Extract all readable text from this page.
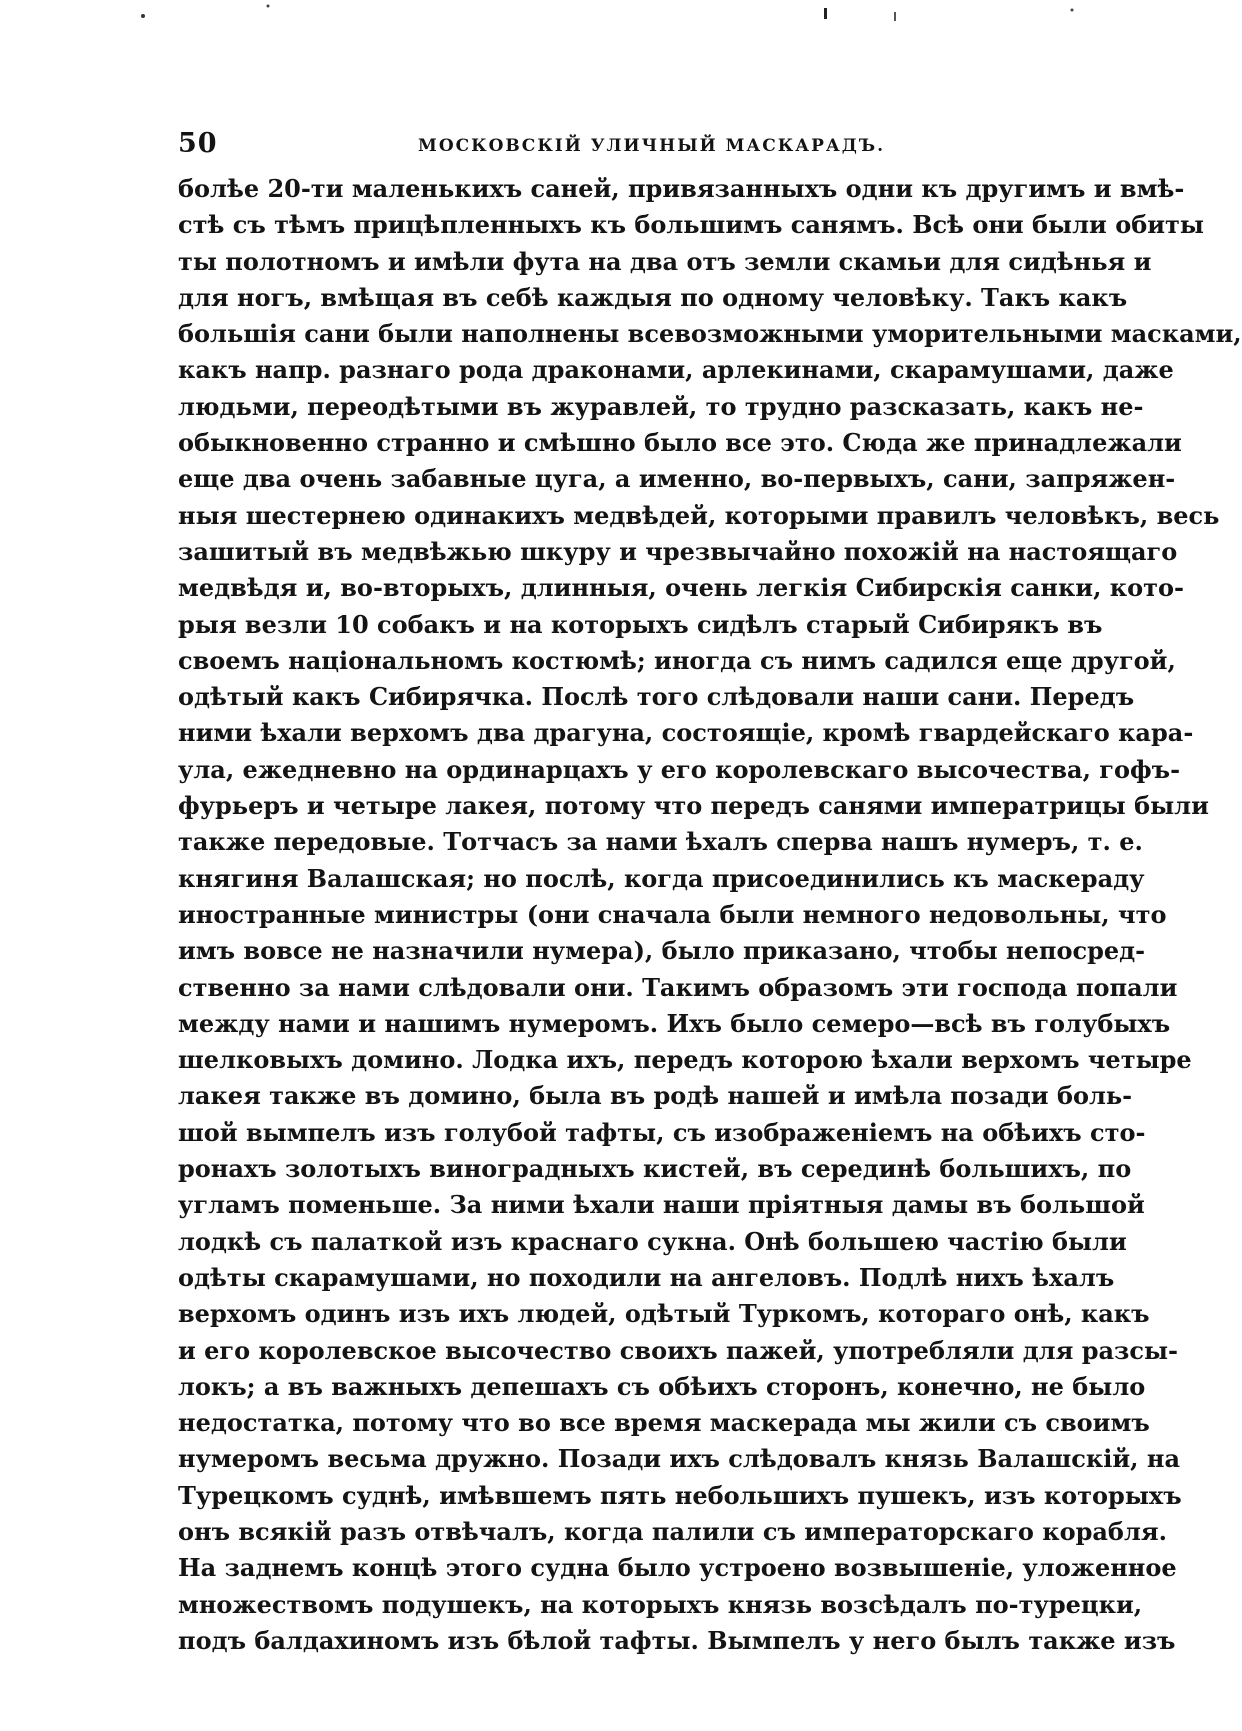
50	МОСКОВСКІЙ УЛИЧНЫЙ МАСКАРАДЪ.
болѣе 20-ти маленькихъ саней, привязанныхъ одни къ другимъ и вмѣ-
стѣ съ тѣмъ прицѣпленныхъ къ большимъ санямъ. Всѣ они были обиты
ты полотномъ и имѣли фута на два отъ земли скамьи для сидѣнья и
для ногъ, вмѣщая въ себѣ каждыя по одному человѣку. Такъ какъ
большія сани были наполнены всевозможными уморительными масками,
какъ напр. разнаго рода драконами, арлекинами, скарамушами, даже
людьми, переодѣтыми въ журавлей, то трудно разсказать, какъ не-
обыкновенно странно и смѣшно было все это. Сюда же принадлежали
еще два очень забавные цуга, а именно, во-первыхъ, сани, запряжен-
ныя шестернею одинакихъ медвѣдей, которыми правилъ человѣкъ, весь
зашитый въ медвѣжью шкуру и чрезвычайно похожій на настоящаго
медвѣдя и, во-вторыхъ, длинныя, очень легкія Сибирскія санки, кото-
рыя везли 10 собакъ и на которыхъ сидѣлъ старый Сибирякъ въ
своемъ національномъ костюмѣ; иногда съ нимъ садился еще другой,
одѣтый какъ Сибирячка. Послѣ того слѣдовали наши сани. Передъ
ними ѣхали верхомъ два драгуна, состоящіе, кромѣ гвардейскаго кара-
ула, ежедневно на ординарцахъ у его королевскаго высочества, гофъ-
фурьеръ и четыре лакея, потому что передъ санями императрицы были
также передовые. Тотчасъ за нами ѣхалъ сперва нашъ нумеръ, т. е.
княгиня Валашская; но послѣ, когда присоединились къ маскераду
иностранные министры (они сначала были немного недовольны, что
имъ вовсе не назначили нумера), было приказано, чтобы непосред-
ственно за нами слѣдовали они. Такимъ образомъ эти господа попали
между нами и нашимъ нумеромъ. Ихъ было семеро—всѣ въ голубыхъ
шелковыхъ домино. Лодка ихъ, передъ которою ѣхали верхомъ четыре
лакея также въ домино, была въ родѣ нашей и имѣла позади боль-
шой вымпелъ изъ голубой тафты, съ изображеніемъ на обѣихъ сто-
ронахъ золотыхъ виноградныхъ кистей, въ серединѣ большихъ, по
угламъ поменьше. За ними ѣхали наши пріятныя дамы въ большой
лодкѣ съ палаткой изъ краснаго сукна. Онѣ большею частію были
одѣты скарамушами, но походили на ангеловъ. Подлѣ нихъ ѣхалъ
верхомъ одинъ изъ ихъ людей, одѣтый Туркомъ, котораго онѣ, какъ
и его королевское высочество своихъ пажей, употребляли для разсы-
локъ; а въ важныхъ депешахъ съ обѣихъ сторонъ, конечно, не было
недостатка, потому что во все время маскерада мы жили съ своимъ
нумеромъ весьма дружно. Позади ихъ слѣдовалъ князь Валашскій, на
Турецкомъ суднѣ, имѣвшемъ пять небольшихъ пушекъ, изъ которыхъ
онъ всякій разъ отвѣчалъ, когда палили съ императорскаго корабля.
На заднемъ концѣ этого судна было устроено возвышеніе, уложенное
множествомъ подушекъ, на которыхъ князь возсѣдалъ по-турецки,
подъ балдахиномъ изъ бѣлой тафты. Вымпелъ у него былъ также изъ
